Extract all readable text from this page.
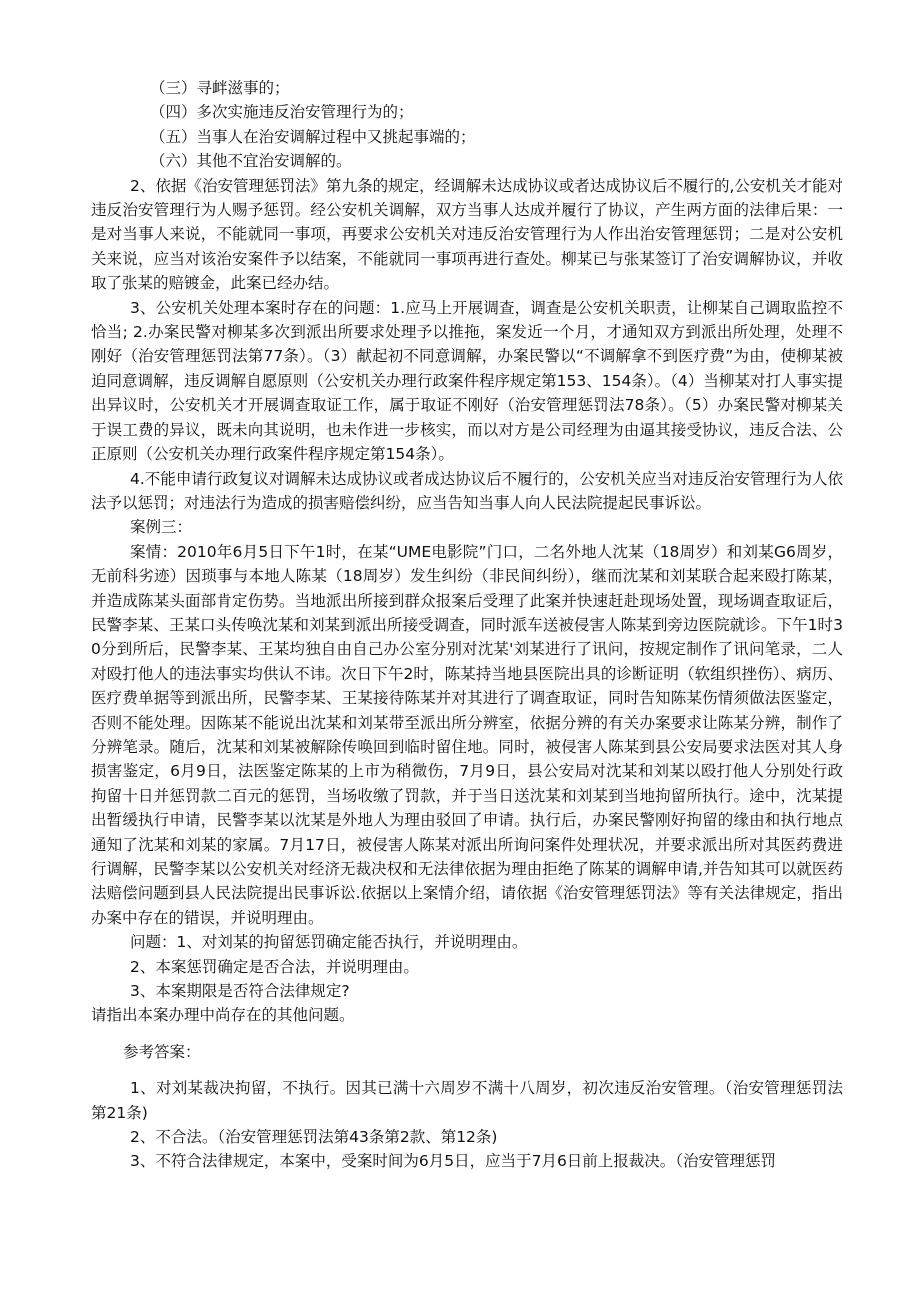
（三）寻衅滋事的；

（四）多次实施违反治安管理行为的；

（五）当事人在治安调解过程中又挑起事端的；

（六）其他不宜治安调解的。

2、依据《治安管理惩罚法》第九条的规定，经调解未达成协议或者达成协议后不履行的,公安机关才能对违反治安管理行为人赐予惩罚。经公安机关调解，双方当事人达成并履行了协议，产生两方面的法律后果：一是对当事人来说，不能就同一事项，再要求公安机关对违反治安管理行为人作出治安管理惩罚；二是对公安机关来说，应当对该治安案件予以结案，不能就同一事项再进行查处。柳某已与张某签订了治安调解协议，并收取了张某的赔镀金，此案已经办结。

3、公安机关处理本案时存在的问题：1.应马上开展调查，调查是公安机关职责，让柳某自己调取监控不恰当; 2.办案民警对柳某多次到派出所要求处理予以推拖，案发近一个月，才通知双方到派出所处理，处理不刚好（治安管理惩罚法第77条）。（3）献起初不同意调解，办案民警以“不调解拿不到医疗费”为由，使柳某被迫同意调解，违反调解自愿原则（公安机关办理行政案件程序规定第153、154条）。（4）当柳某对打人事实提出异议时，公安机关才开展调查取证工作，属于取证不刚好（治安管理惩罚法78条）。（5）办案民警对柳某关于误工费的异议，既未向其说明，也未作进一步核实，而以对方是公司经理为由逼其接受协议，违反合法、公正原则（公安机关办理行政案件程序规定第154条）。

4.不能申请行政复议对调解未达成协议或者成达协议后不履行的，公安机关应当对违反治安管理行为人依法予以惩罚；对违法行为造成的损害赔偿纠纷，应当告知当事人向人民法院提起民事诉讼。

案例三：

案情：2010年6月5日下午1时，在某“UME电影院”门口，二名外地人沈某（18周岁）和刘某G6周岁，无前科劣迹）因琐事与本地人陈某（18周岁）发生纠纷（非民间纠纷），继而沈某和刘某联合起来殴打陈某，并造成陈某头面部肯定伤势。当地派出所接到群众报案后受理了此案并快速赶赴现场处置，现场调查取证后，民警李某、王某口头传唤沈某和刘某到派出所接受调查，同时派车送被侵害人陈某到旁边医院就诊。下午1时30分到所后，民警李某、王某均独自由自己办公室分别对沈某'刘某进行了讯问，按规定制作了讯问笔录，二人对殴打他人的违法事实均供认不讳。次日下午2时，陈某持当地县医院出具的诊断证明（软组织挫伤）、病历、医疗费单据等到派出所，民警李某、王某接待陈某并对其进行了调查取证，同时告知陈某伤情须做法医鉴定，否则不能处理。因陈某不能说出沈某和刘某带至派出所分辨室，依据分辨的有关办案要求让陈某分辨，制作了分辨笔录。随后，沈某和刘某被解除传唤回到临时留住地。同时，被侵害人陈某到县公安局要求法医对其人身损害鉴定，6月9日，法医鉴定陈某的上市为稍微伤，7月9日，县公安局对沈某和刘某以殴打他人分别处行政拘留十日并惩罚款二百元的惩罚，当场收缴了罚款，并于当日送沈某和刘某到当地拘留所执行。途中，沈某提出暂缓执行申请，民警李某以沈某是外地人为理由驳回了申请。执行后，办案民警刚好拘留的缘由和执行地点通知了沈某和刘某的家属。7月17日，被侵害人陈某对派出所询问案件处理状况，并要求派出所对其医药费进行调解，民警李某以公安机关对经济无裁决权和无法律依据为理由拒绝了陈某的调解申请,并告知其可以就医药法赔偿问题到县人民法院提出民事诉讼.依据以上案情介绍，请依据《治安管理惩罚法》等有关法律规定，指出办案中存在的错误，并说明理由。

问题：1、对刘某的拘留惩罚确定能否执行，并说明理由。

2、本案惩罚确定是否合法，并说明理由。

3、本案期限是否符合法律规定?

请指出本案办理中尚存在的其他问题。

参考答案：

1、对刘某裁决拘留，不执行。因其已满十六周岁不满十八周岁，初次违反治安管理。（治安管理惩罚法第21条)

2、不合法。（治安管理惩罚法第43条第2款、第12条)

3、不符合法律规定，本案中，受案时间为6月5日，应当于7月6日前上报裁决。（治安管理惩罚
